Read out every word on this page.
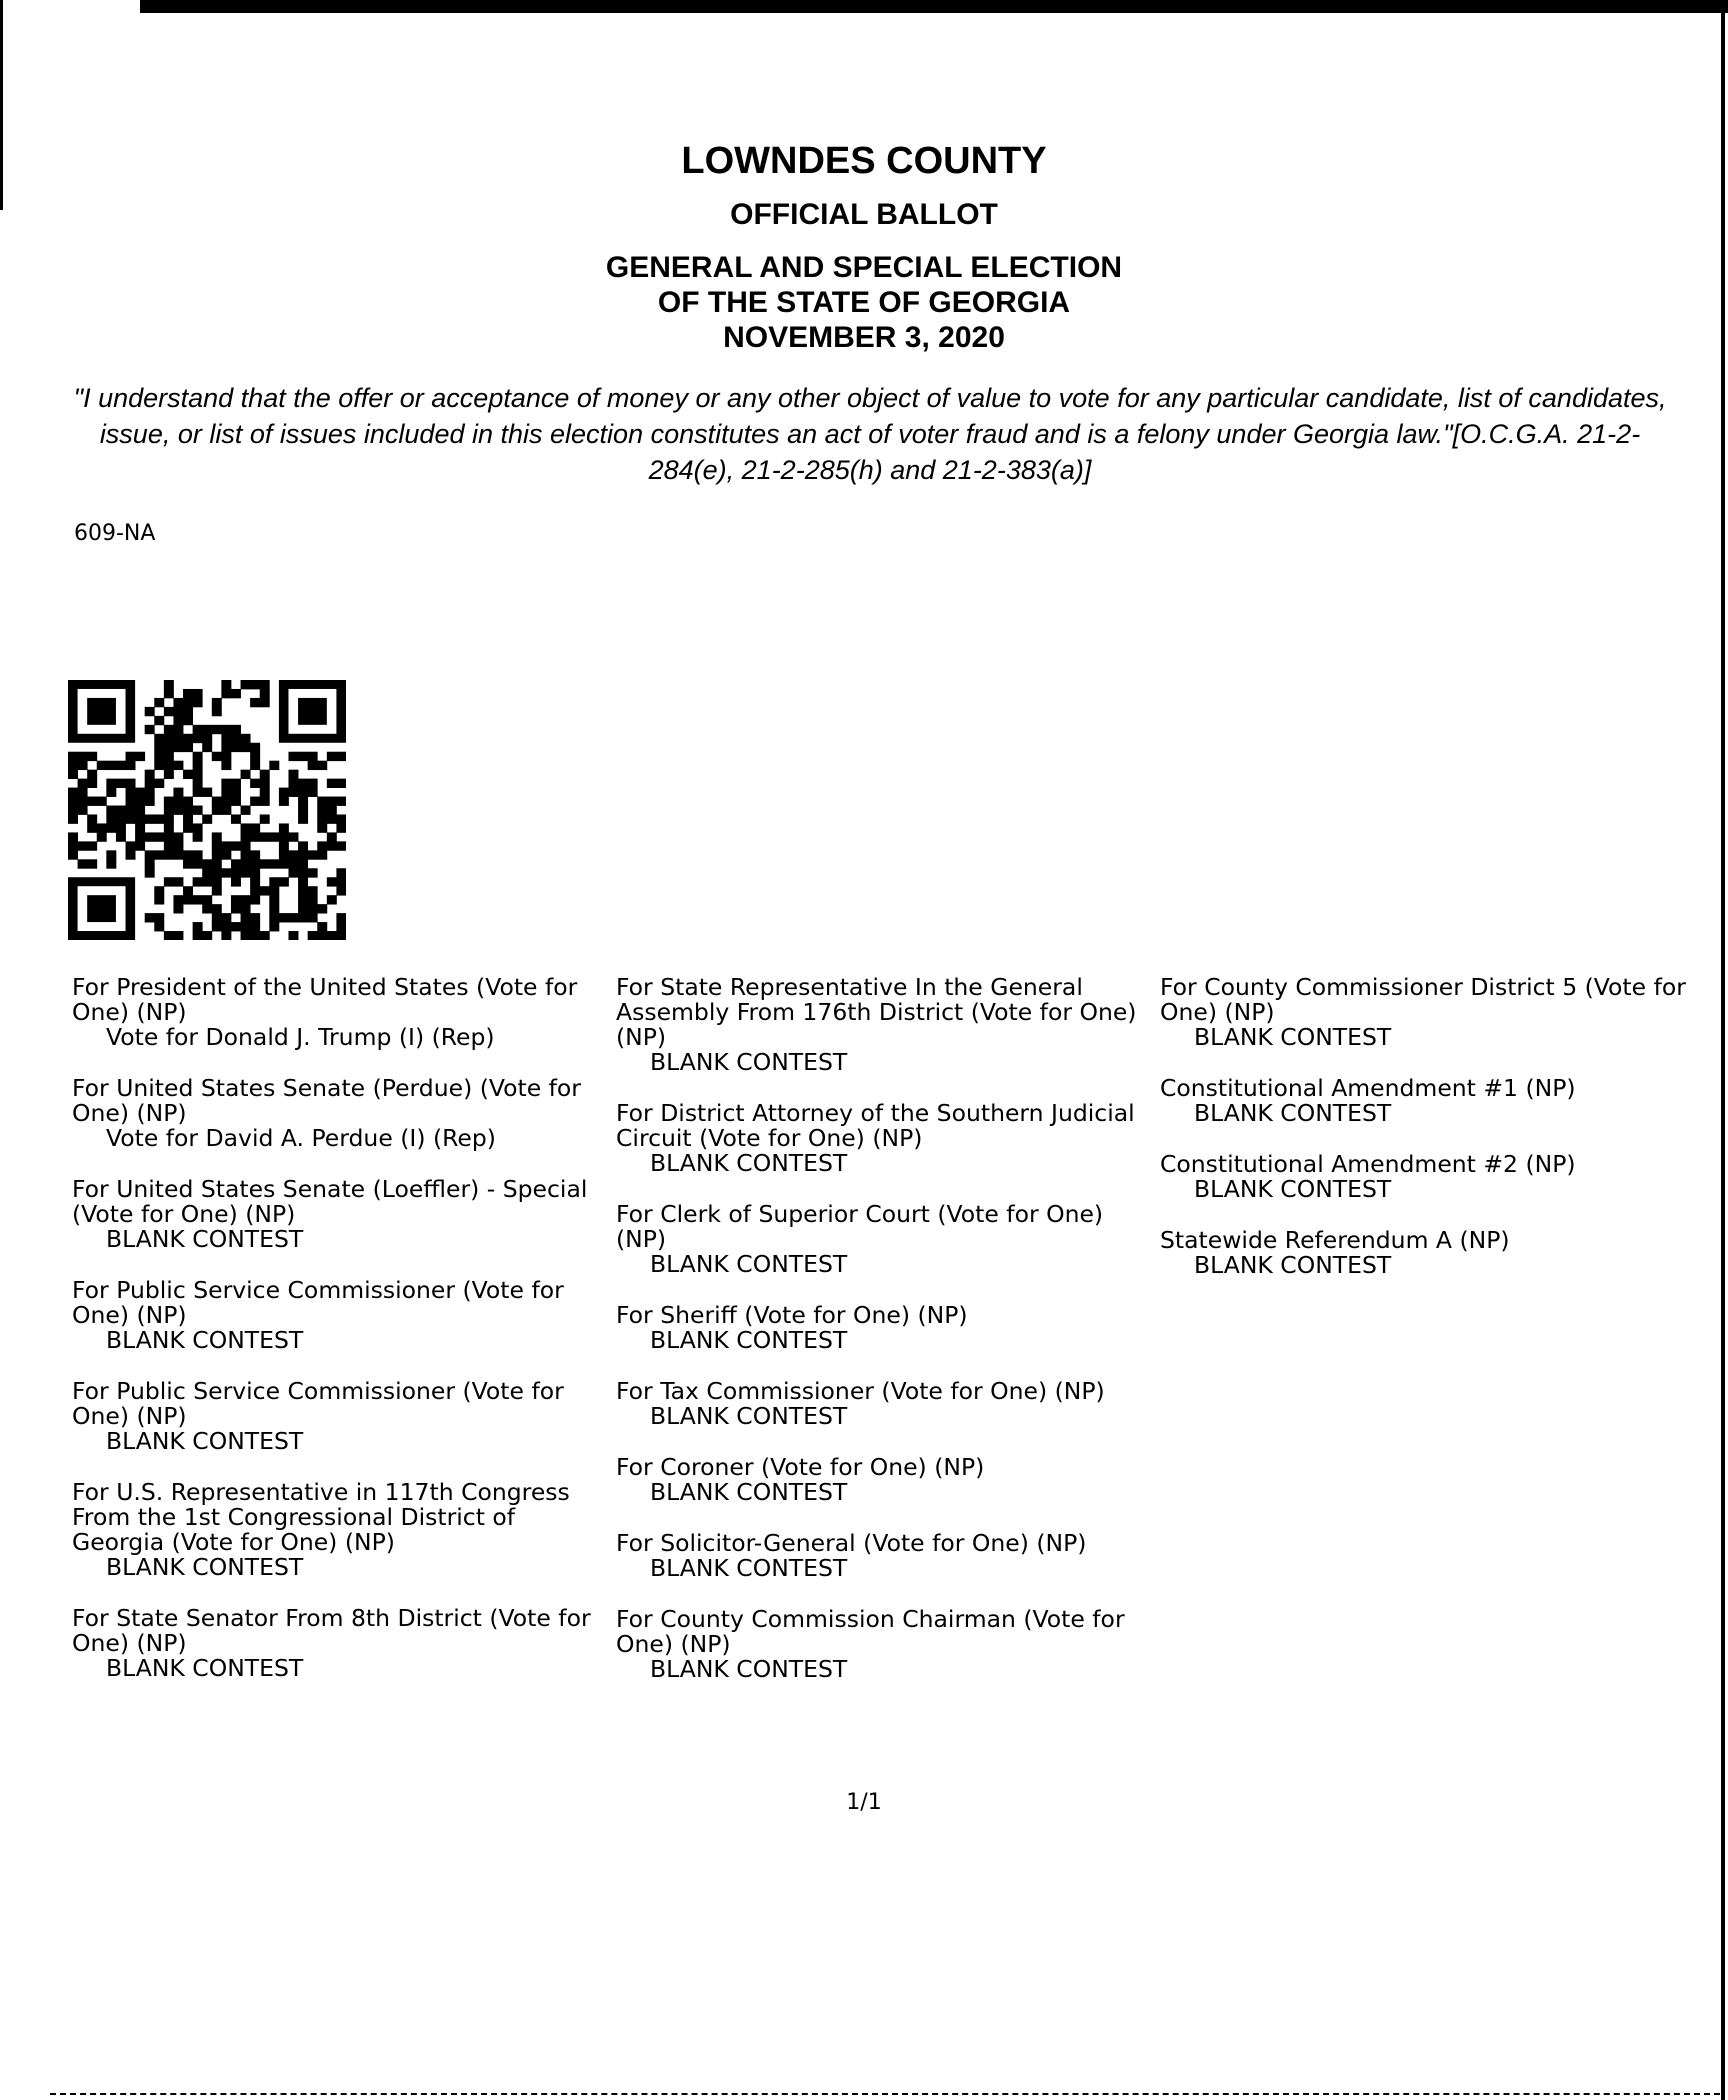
LOWNDES COUNTY
OFFICIAL BALLOT
GENERAL AND SPECIAL ELECTION
OF THE STATE OF GEORGIA
NOVEMBER 3, 2020
"I understand that the offer or acceptance of money or any other object of value to vote for any particular candidate, list of candidates, issue, or list of issues included in this election constitutes an act of voter fraud and is a felony under Georgia law."[O.C.G.A. 21-2-284(e), 21-2-285(h) and 21-2-383(a)]
609-NA
For President of the United States (Vote for One) (NP)
Vote for Donald J. Trump (I) (Rep)
For United States Senate (Perdue) (Vote for One) (NP)
Vote for David A. Perdue (I) (Rep)
For United States Senate (Loeffler) - Special (Vote for One) (NP)
BLANK CONTEST
For Public Service Commissioner (Vote for One) (NP)
BLANK CONTEST
For Public Service Commissioner (Vote for One) (NP)
BLANK CONTEST
For U.S. Representative in 117th Congress From the 1st Congressional District of Georgia (Vote for One) (NP)
BLANK CONTEST
For State Senator From 8th District (Vote for One) (NP)
BLANK CONTEST
For State Representative In the General Assembly From 176th District (Vote for One) (NP)
BLANK CONTEST
For District Attorney of the Southern Judicial Circuit (Vote for One) (NP)
BLANK CONTEST
For Clerk of Superior Court (Vote for One) (NP)
BLANK CONTEST
For Sheriff (Vote for One) (NP)
BLANK CONTEST
For Tax Commissioner (Vote for One) (NP)
BLANK CONTEST
For Coroner (Vote for One) (NP)
BLANK CONTEST
For Solicitor-General (Vote for One) (NP)
BLANK CONTEST
For County Commission Chairman (Vote for One) (NP)
BLANK CONTEST
For County Commissioner District 5 (Vote for One) (NP)
BLANK CONTEST
Constitutional Amendment #1 (NP)
BLANK CONTEST
Constitutional Amendment #2 (NP)
BLANK CONTEST
Statewide Referendum A (NP)
BLANK CONTEST
1/1
